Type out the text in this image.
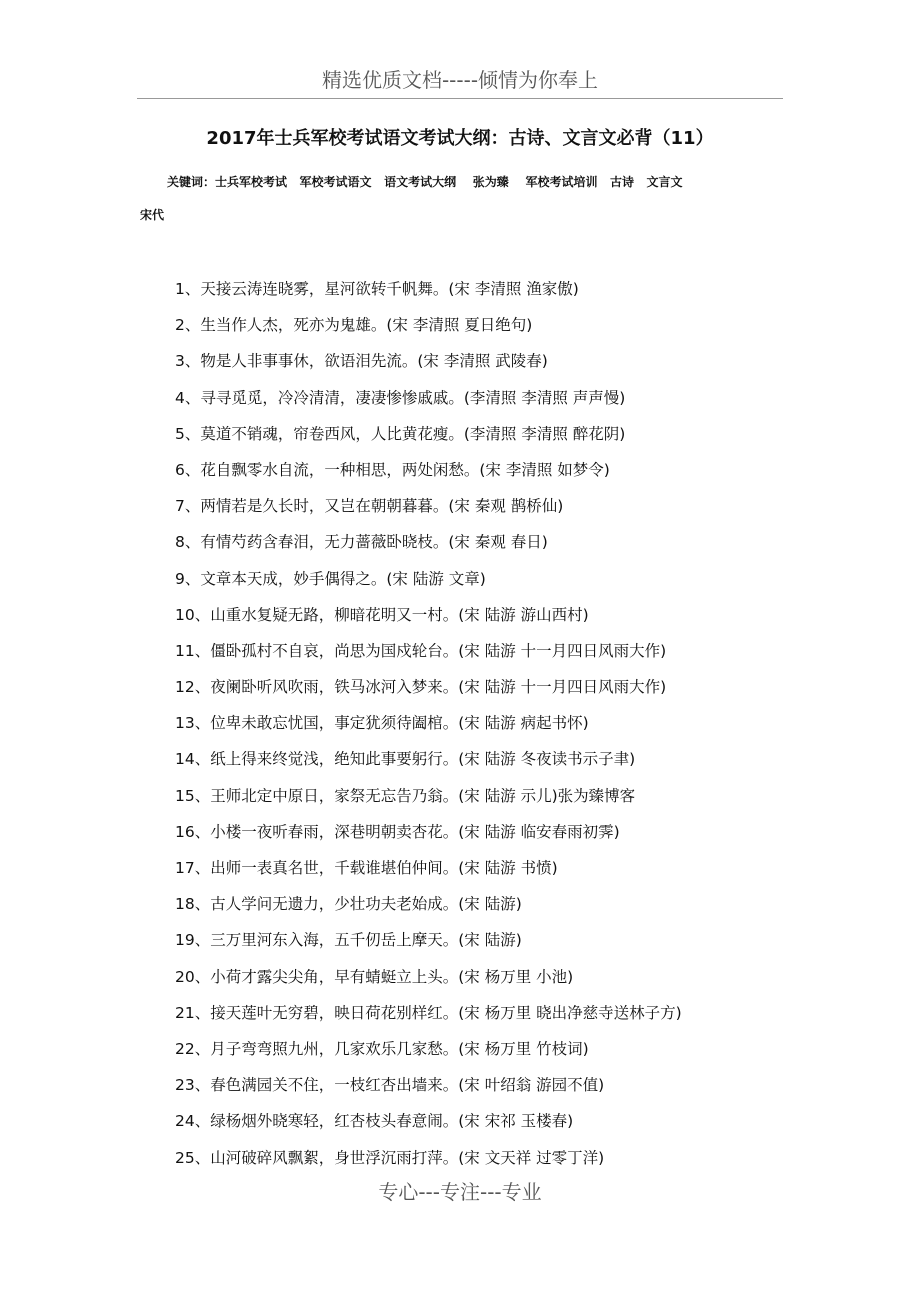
精选优质文档-----倾情为你奉上
2017年士兵军校考试语文考试大纲：古诗、文言文必背（11）
关键词：士兵军校考试   军校考试语文   语文考试大纲    张为臻    军校考试培训   古诗   文言文
宋代
1、天接云涛连晓雾，星河欲转千帆舞。(宋 李清照 渔家傲)
2、生当作人杰，死亦为鬼雄。(宋 李清照 夏日绝句)
3、物是人非事事休，欲语泪先流。(宋 李清照 武陵春)
4、寻寻觅觅，冷冷清清，凄凄惨惨戚戚。(李清照 李清照 声声慢)
5、莫道不销魂，帘卷西风，人比黄花瘦。(李清照 李清照 醉花阴)
6、花自飘零水自流，一种相思，两处闲愁。(宋 李清照 如梦令)
7、两情若是久长时，又岂在朝朝暮暮。(宋 秦观 鹊桥仙)
8、有情芍药含春泪，无力蔷薇卧晓枝。(宋 秦观 春日)
9、文章本天成，妙手偶得之。(宋 陆游 文章)
10、山重水复疑无路，柳暗花明又一村。(宋 陆游 游山西村)
11、僵卧孤村不自哀，尚思为国戍轮台。(宋 陆游 十一月四日风雨大作)
12、夜阑卧听风吹雨，铁马冰河入梦来。(宋 陆游 十一月四日风雨大作)
13、位卑未敢忘忧国，事定犹须待阖棺。(宋 陆游 病起书怀)
14、纸上得来终觉浅，绝知此事要躬行。(宋 陆游 冬夜读书示子聿)
15、王师北定中原日，家祭无忘告乃翁。(宋 陆游 示儿)张为臻博客
16、小楼一夜听春雨，深巷明朝卖杏花。(宋 陆游 临安春雨初霁)
17、出师一表真名世，千载谁堪伯仲间。(宋 陆游 书愤)
18、古人学问无遗力，少壮功夫老始成。(宋 陆游)
19、三万里河东入海，五千仞岳上摩天。(宋 陆游)
20、小荷才露尖尖角，早有蜻蜓立上头。(宋 杨万里 小池)
21、接天莲叶无穷碧，映日荷花别样红。(宋 杨万里 晓出净慈寺送林子方)
22、月子弯弯照九州，几家欢乐几家愁。(宋 杨万里 竹枝词)
23、春色满园关不住，一枝红杏出墙来。(宋 叶绍翁 游园不值)
24、绿杨烟外晓寒轻，红杏枝头春意闹。(宋 宋祁 玉楼春)
25、山河破碎风飘絮，身世浮沉雨打萍。(宋 文天祥 过零丁洋)
专心---专注---专业
